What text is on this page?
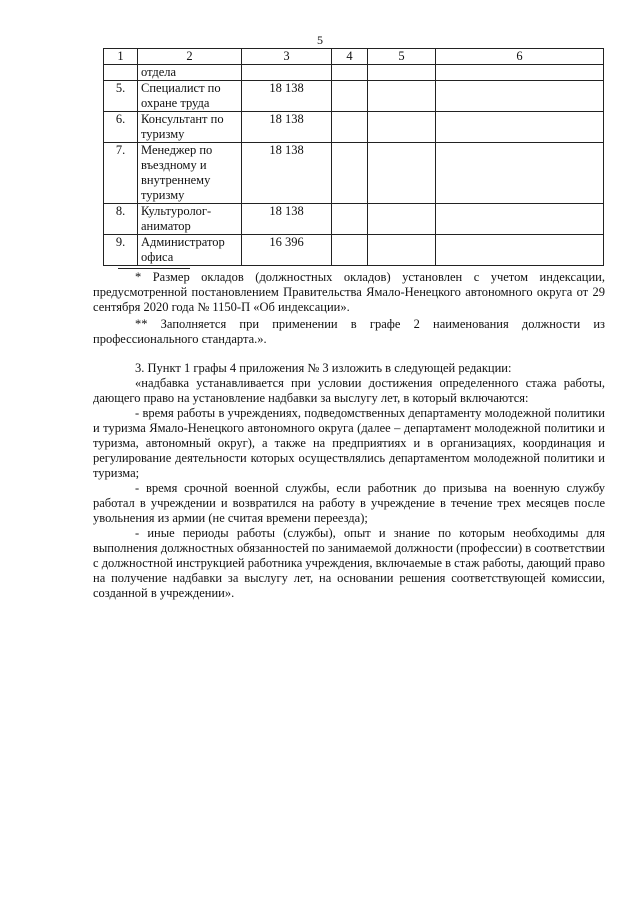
5
1	2	3	4	5	6
	отдела				
5.	Специалист по охране труда	18 138			
6.	Консультант по туризму	18 138			
7.	Менеджер по въездному и внутреннему туризму	18 138			
8.	Культуролог-аниматор	18 138			
9.	Администратор офиса	16 396			

* Размер окладов (должностных окладов) установлен с учетом индексации, предусмотренной постановлением Правительства Ямало-Ненецкого автономного округа от 29 сентября 2020 года № 1150-П «Об индексации».

** Заполняется при применении в графе 2 наименования должности из профессионального стандарта.».

3. Пункт 1 графы 4 приложения № 3 изложить в следующей редакции:

«надбавка устанавливается при условии достижения определенного стажа работы, дающего право на установление надбавки за выслугу лет, в который включаются:

- время работы в учреждениях, подведомственных департаменту молодежной политики и туризма Ямало-Ненецкого автономного округа (далее – департамент молодежной политики и туризма, автономный округ), а также на предприятиях и в организациях, координация и регулирование деятельности которых осуществлялись департаментом молодежной политики и туризма;

- время срочной военной службы, если работник до призыва на военную службу работал в учреждении и возвратился на работу в учреждение в течение трех месяцев после увольнения из армии (не считая времени переезда);

- иные периоды работы (службы), опыт и знание по которым необходимы для выполнения должностных обязанностей по занимаемой должности (профессии) в соответствии с должностной инструкцией работника учреждения, включаемые в стаж работы, дающий право на получение надбавки за выслугу лет, на основании решения соответствующей комиссии, созданной в учреждении».
